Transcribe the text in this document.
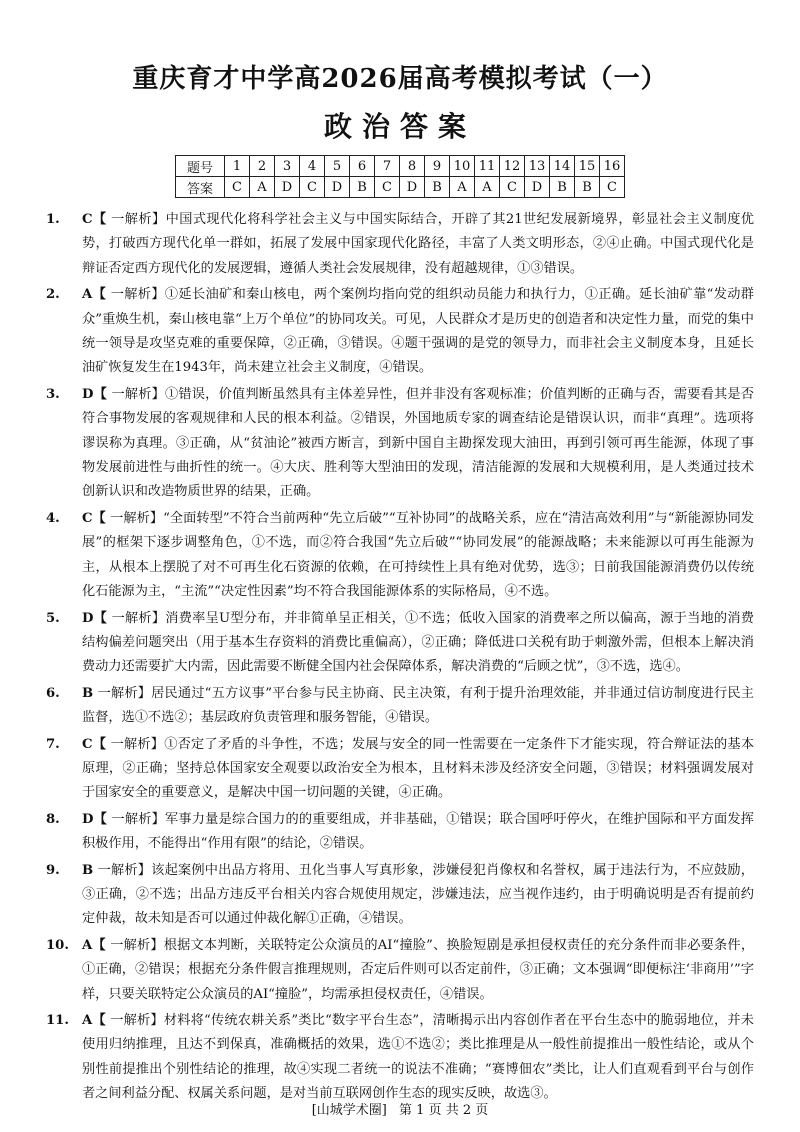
重庆育才中学高2026届高考模拟考试（一）
政治答案
题号	1	2	3	4	5	6	7	8	9	10	11	12	13	14	15	16
答案	C	A	D	C	D	B	C	D	B	A	A	C	D	B	B	C
1.	C【 一解析】中国式现代化将科学社会主义与中国实际结合，开辟了其21世纪发展新境界，彰显社会主义制度优势，打破西方现代化单一群如，拓展了发展中国家现代化路径，丰富了人类文明形态，②④止确。中国式现代化是辩证否定西方现代化的发展逻辑，遵循人类社会发展规律，没有超越规律，①③错误。
2.	A【 一解析】①延长油矿和秦山核电，两个案例均指向党的组织动员能力和执行力，①正确。延长油矿靠“发动群众”重焕生机，秦山核电靠“上万个单位”的协同攻关。可见，人民群众才是历史的创造者和决定性力量，而党的集中统一领导是攻坚克难的重要保障，②正确，③错误。④题干强调的是党的领导力，而非社会主义制度本身，且延长油矿恢复发生在1943年，尚未建立社会主义制度，④错误。
3.	D【 一解析】①错误，价值判断虽然具有主体差异性，但并非没有客观标准；价值判断的正确与否，需要看其是否符合事物发展的客观规律和人民的根本利益。②错误，外国地质专家的调查结论是错误认识，而非“真理”。选项将谬误称为真理。③正确，从“贫油论”被西方断言，到新中国自主勘探发现大油田，再到引领可再生能源，体现了事物发展前进性与曲折性的统一。④大庆、胜利等大型油田的发现，清洁能源的发展和大规模利用，是人类通过技术创新认识和改造物质世界的结果，正确。
4.	C【 一解析】“全面转型”不符合当前两种“先立后破”“互补协同”的战略关系，应在“清洁高效利用”与“新能源协同发展”的框架下逐步调整角色，①不选，而②符合我国“先立后破”“协同发展”的能源战略；未来能源以可再生能源为主，从根本上摆脱了对不可再生化石资源的依赖，在可持续性上具有绝对优势，选③；日前我国能源消费仍以传统化石能源为主，“主流”“决定性因素”均不符合我国能源体系的实际格局，④不选。
5.	D【 一解析】消费率呈U型分布，并非简单呈正相关，①不选；低收入国家的消费率之所以偏高，源于当地的消费结构偏差问题突出（用于基本生存资料的消费比重偏高），②正确；降低进口关税有助于刺激外需，但根本上解决消费动力还需要扩大内需，因此需要不断健全国内社会保障体系，解决消费的“后顾之忧”，③不选，选④。
6.	B 一解析】居民通过“五方议事”平台参与民主协商、民主决策，有利于提升治理效能，并非通过信访制度进行民主监督，选①不选②；基层政府负责管理和服务智能，④错误。
7.	C【 一解析】①否定了矛盾的斗争性，不选；发展与安全的同一性需要在一定条件下才能实现，符合辩证法的基本原理，②正确；坚持总体国家安全观要以政治安全为根本，且材料未涉及经济安全问题，③错误；材料强调发展对于国家安全的重要意义，是解决中国一切问题的关键，④正确。
8.	D【 一解析】军事力量是综合国力的的重要组成，并非基础，①错误；联合国呼吁停火，在维护国际和平方面发挥积极作用，不能得出“作用有限”的结论，②错误。
9.	B 一解析】该起案例中出品方将用、丑化当事人写真形象，涉嫌侵犯肖像权和名誉权，属于违法行为，不应鼓励，③正确，②不选；出品方违反平台相关内容合规使用规定，涉嫌违法，应当视作违约，由于明确说明是否有提前约定仲裁，故未知是否可以通过仲裁化解①正确，④错误。
10. A【 一解析】根据文本判断，关联特定公众演员的AI“撞脸”、换脸短剧是承担侵权责任的充分条件而非必要条件，①正确，②错误；根据充分条件假言推理规则，否定后件则可以否定前件，③正确；文本强调“即便标注‘非商用’”字样，只要关联特定公众演员的AI“撞脸”，均需承担侵权责任，④错误。
11. A【 一解析】材料将“传统农耕关系”类比“数字平台生态”，清晰揭示出内容创作者在平台生态中的脆弱地位，并未使用归纳推理，且达不到保真，准确概括的效果，选①不选②；类比推理是从一般性前提推出一般性结论，或从个别性前提推出个别性结论的推理，故④实现二者统一的说法不准确；“赛博佃农”类比，让人们直观看到平台与创作者之间利益分配、权属关系问题，是对当前互联网创作生态的现实反映，故选③。
[山城学术圈] 第 1 页 共 2 页
